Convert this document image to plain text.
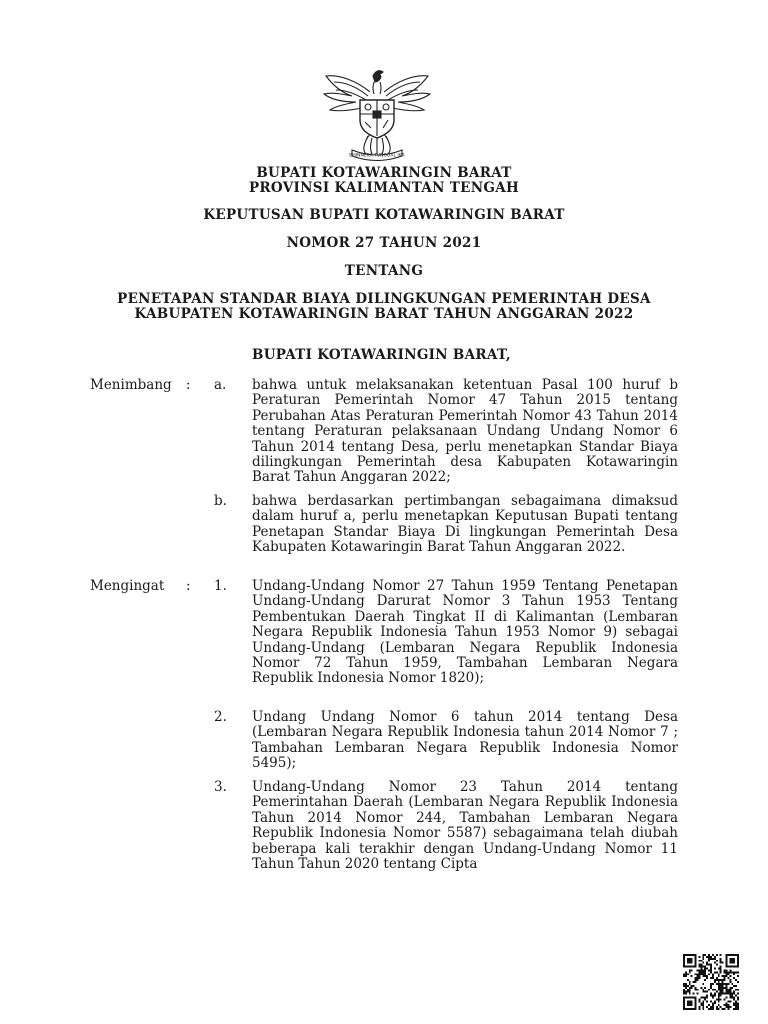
BHINNEKA TUNGGAL IKA
BUPATI KOTAWARINGIN BARAT
PROVINSI KALIMANTAN TENGAH
KEPUTUSAN BUPATI KOTAWARINGIN BARAT
NOMOR 27 TAHUN 2021
TENTANG
PENETAPAN STANDAR BIAYA DILINGKUNGAN PEMERINTAH DESA
KABUPATEN KOTAWARINGIN BARAT TAHUN ANGGARAN 2022
BUPATI KOTAWARINGIN BARAT,
Menimbang : a. bahwa untuk melaksanakan ketentuan Pasal 100 huruf b Peraturan Pemerintah Nomor 47 Tahun 2015 tentang Perubahan Atas Peraturan Pemerintah Nomor 43 Tahun 2014 tentang Peraturan pelaksanaan Undang Undang Nomor 6 Tahun 2014 tentang Desa, perlu menetapkan Standar Biaya dilingkungan Pemerintah desa Kabupaten Kotawaringin Barat Tahun Anggaran 2022;
b. bahwa berdasarkan pertimbangan sebagaimana dimaksud dalam huruf a, perlu menetapkan Keputusan Bupati tentang Penetapan Standar Biaya Di lingkungan Pemerintah Desa Kabupaten Kotawaringin Barat Tahun Anggaran 2022.
Mengingat : 1. Undang-Undang Nomor 27 Tahun 1959 Tentang Penetapan Undang-Undang Darurat Nomor 3 Tahun 1953 Tentang Pembentukan Daerah Tingkat II di Kalimantan (Lembaran Negara Republik Indonesia Tahun 1953 Nomor 9) sebagai Undang-Undang (Lembaran Negara Republik Indonesia Nomor 72 Tahun 1959, Tambahan Lembaran Negara Republik Indonesia Nomor 1820);
2. Undang Undang Nomor 6 tahun 2014 tentang Desa (Lembaran Negara Republik Indonesia tahun 2014 Nomor 7 ; Tambahan Lembaran Negara Republik Indonesia Nomor 5495);
3. Undang-Undang Nomor 23 Tahun 2014 tentang Pemerintahan Daerah (Lembaran Negara Republik Indonesia Tahun 2014 Nomor 244, Tambahan Lembaran Negara Republik Indonesia Nomor 5587) sebagaimana telah diubah beberapa kali terakhir dengan Undang-Undang Nomor 11 Tahun Tahun 2020 tentang Cipta
